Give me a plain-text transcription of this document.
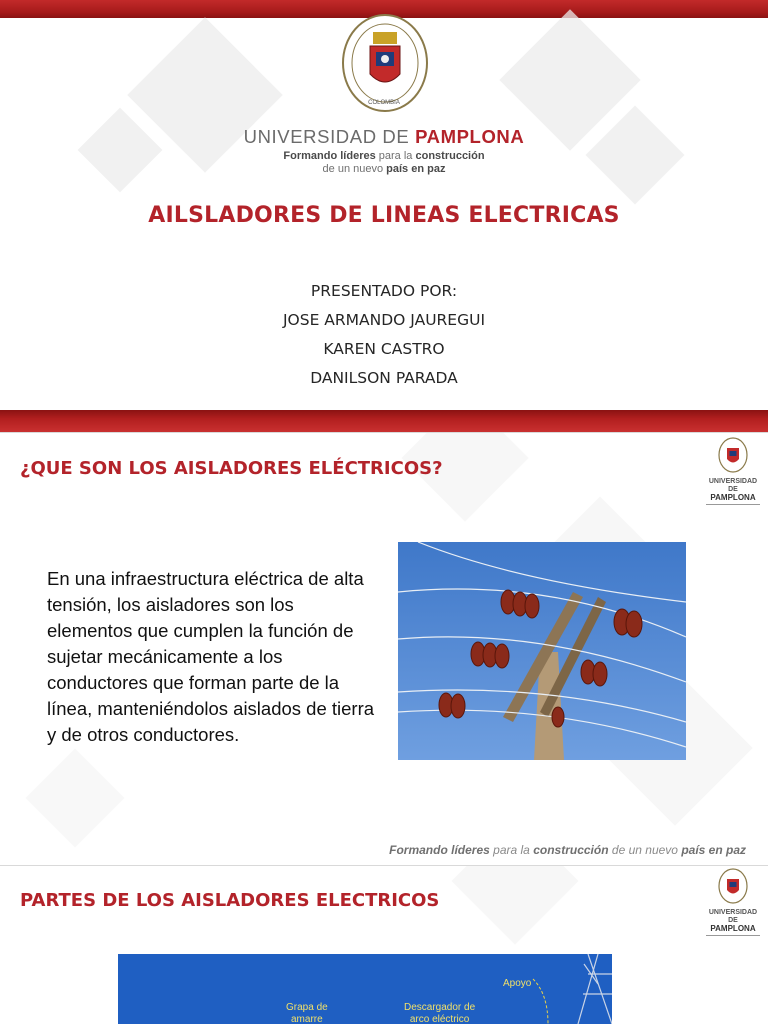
COLOMBIA
UNIVERSIDAD DE PAMPLONA
Formando líderes para la construcción
de un nuevo país en paz
AILSLADORES DE LINEAS ELECTRICAS
PRESENTADO POR:
JOSE ARMANDO JAUREGUI
KAREN CASTRO
DANILSON PARADA
¿QUE SON LOS AISLADORES ELÉCTRICOS?
UNIVERSIDAD DE
PAMPLONA
En una infraestructura eléctrica de alta tensión, los aisladores son los elementos que cumplen la función de sujetar mecánicamente a los conductores que forman parte de la línea, manteniéndolos aislados de tierra y de otros conductores.
Formando líderes para la construcción de un nuevo país en paz
PARTES DE LOS AISLADORES ELECTRICOS
UNIVERSIDAD DE
PAMPLONA
Apoyo
Grapa de
amarre
Descargador de
arco eléctrico
